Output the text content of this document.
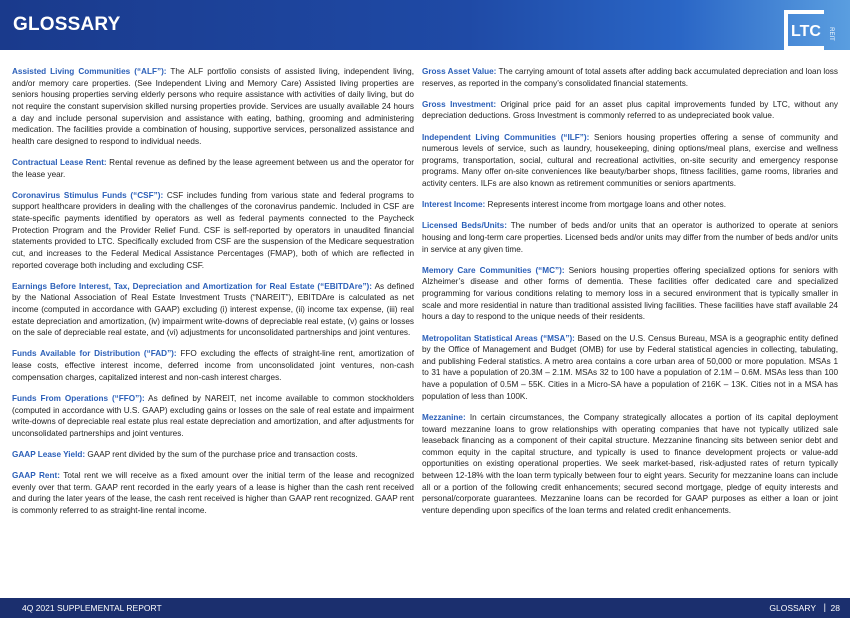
GLOSSARY	LTC REIT

Assisted Living Communities (“ALF”): The ALF portfolio consists of assisted living, independent living, and/or memory care properties. (See Independent Living and Memory Care) Assisted living properties are seniors housing properties serving elderly persons who require assistance with activities of daily living, but do not require the constant supervision skilled nursing properties provide. Services are usually available 24 hours a day and include personal supervision and assistance with eating, bathing, grooming and administering medication. The facilities provide a combination of housing, supportive services, personalized assistance and health care designed to respond to individual needs.

Contractual Lease Rent: Rental revenue as defined by the lease agreement between us and the operator for the lease year.

Coronavirus Stimulus Funds (“CSF”): CSF includes funding from various state and federal programs to support healthcare providers in dealing with the challenges of the coronavirus pandemic. Included in CSF are state-specific payments identified by operators as well as federal payments connected to the Paycheck Protection Program and the Provider Relief Fund. CSF is self-reported by operators in unaudited financial statements provided to LTC. Specifically excluded from CSF are the suspension of the Medicare sequestration cut, and increases to the Federal Medical Assistance Percentages (FMAP), both of which are reflected in reported coverage both including and excluding CSF.

Earnings Before Interest, Tax, Depreciation and Amortization for Real Estate (“EBITDAre”): As defined by the National Association of Real Estate Investment Trusts (“NAREIT”), EBITDAre is calculated as net income (computed in accordance with GAAP) excluding (i) interest expense, (ii) income tax expense, (iii) real estate depreciation and amortization, (iv) impairment write-downs of depreciable real estate, (v) gains or losses on the sale of depreciable real estate, and (vi) adjustments for unconsolidated partnerships and joint ventures.

Funds Available for Distribution (“FAD”): FFO excluding the effects of straight-line rent, amortization of lease costs, effective interest income, deferred income from unconsolidated joint ventures, non-cash compensation charges, capitalized interest and non-cash interest charges.

Funds From Operations (“FFO”): As defined by NAREIT, net income available to common stockholders (computed in accordance with U.S. GAAP) excluding gains or losses on the sale of real estate and impairment write-downs of depreciable real estate plus real estate depreciation and amortization, and after adjustments for unconsolidated partnerships and joint ventures.

GAAP Lease Yield: GAAP rent divided by the sum of the purchase price and transaction costs.

GAAP Rent: Total rent we will receive as a fixed amount over the initial term of the lease and recognized evenly over that term. GAAP rent recorded in the early years of a lease is higher than the cash rent received and during the later years of the lease, the cash rent received is higher than GAAP rent recognized. GAAP rent is commonly referred to as straight-line rental income.

Gross Asset Value: The carrying amount of total assets after adding back accumulated depreciation and loan loss reserves, as reported in the company’s consolidated financial statements.

Gross Investment: Original price paid for an asset plus capital improvements funded by LTC, without any depreciation deductions. Gross Investment is commonly referred to as undepreciated book value.

Independent Living Communities (“ILF”): Seniors housing properties offering a sense of community and numerous levels of service, such as laundry, housekeeping, dining options/meal plans, exercise and wellness programs, transportation, social, cultural and recreational activities, on-site security and emergency response programs. Many offer on-site conveniences like beauty/barber shops, fitness facilities, game rooms, libraries and activity centers. ILFs are also known as retirement communities or seniors apartments.

Interest Income: Represents interest income from mortgage loans and other notes.

Licensed Beds/Units: The number of beds and/or units that an operator is authorized to operate at seniors housing and long-term care properties. Licensed beds and/or units may differ from the number of beds and/or units in service at any given time.

Memory Care Communities (“MC”): Seniors housing properties offering specialized options for seniors with Alzheimer’s disease and other forms of dementia. These facilities offer dedicated care and specialized programming for various conditions relating to memory loss in a secured environment that is typically smaller in scale and more residential in nature than traditional assisted living facilities. These facilities have staff available 24 hours a day to respond to the unique needs of their residents.

Metropolitan Statistical Areas (“MSA”): Based on the U.S. Census Bureau, MSA is a geographic entity defined by the Office of Management and Budget (OMB) for use by Federal statistical agencies in collecting, tabulating, and publishing Federal statistics. A metro area contains a core urban area of 50,000 or more population. MSAs 1 to 31 have a population of 20.3M – 2.1M. MSAs 32 to 100 have a population of 2.1M – 0.6M. MSAs less than 100 have a population of 0.5M – 55K. Cities in a Micro-SA have a population of 216K – 13K. Cities not in a MSA has population of less than 100K.

Mezzanine: In certain circumstances, the Company strategically allocates a portion of its capital deployment toward mezzanine loans to grow relationships with operating companies that have not typically utilized sale leaseback financing as a component of their capital structure. Mezzanine financing sits between senior debt and common equity in the capital structure, and typically is used to finance development projects or value-add opportunities on existing operational properties. We seek market-based, risk-adjusted rates of return typically between 12-18% with the loan term typically between four to eight years. Security for mezzanine loans can include all or a portion of the following credit enhancements; secured second mortgage, pledge of equity interests and personal/corporate guarantees. Mezzanine loans can be recorded for GAAP purposes as either a loan or joint venture depending upon specifics of the loan terms and related credit enhancements.

4Q 2021 SUPPLEMENTAL REPORT	GLOSSARY | 28
